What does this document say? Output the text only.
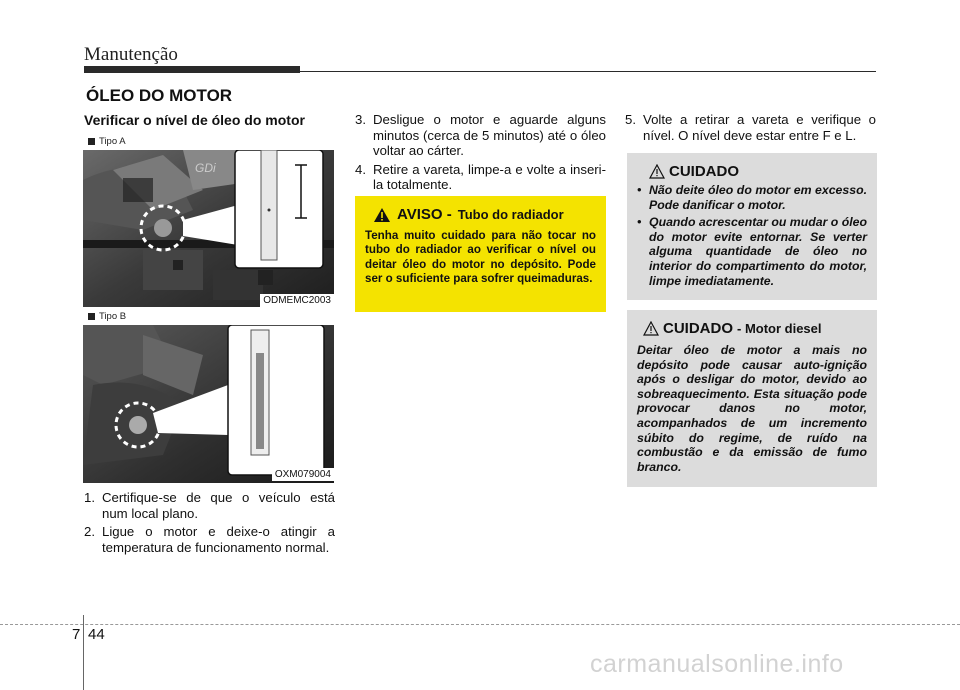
Manutenção
ÓLEO DO MOTOR
Verificar o nível de óleo do motor
Tipo A
GDi
ODMEMC2003
Tipo B
OXM079004
1. Certifique-se de que o veículo está num local plano.
2. Ligue o motor e deixe-o atingir a temperatura de funcionamento normal.
3. Desligue o motor e aguarde alguns minutos (cerca de 5 minutos) até o óleo voltar ao cárter.
4. Retire a vareta, limpe-a e volte a inseri-la totalmente.
AVISO - Tubo do radiador
Tenha muito cuidado para não tocar no tubo do radiador ao verificar o nível ou deitar óleo do motor no depósito. Pode ser o suficiente para sofrer queimaduras.
5. Volte a retirar a vareta e verifique o nível. O nível deve estar entre F e L.
CUIDADO
• Não deite óleo do motor em excesso. Pode danificar o motor.
• Quando acrescentar ou mudar o óleo do motor evite entornar. Se verter alguma quantidade de óleo no interior do compartimento do motor, limpe imediatamente.
CUIDADO - Motor diesel
Deitar óleo de motor a mais no depósito pode causar auto-ignição após o desligar do motor, devido ao sobreaquecimento. Esta situação pode provocar danos no motor, acompanhados de um incremento súbito do regime, de ruído na combustão e da emissão de fumo branco.
7 44
carmanualsonline.info
